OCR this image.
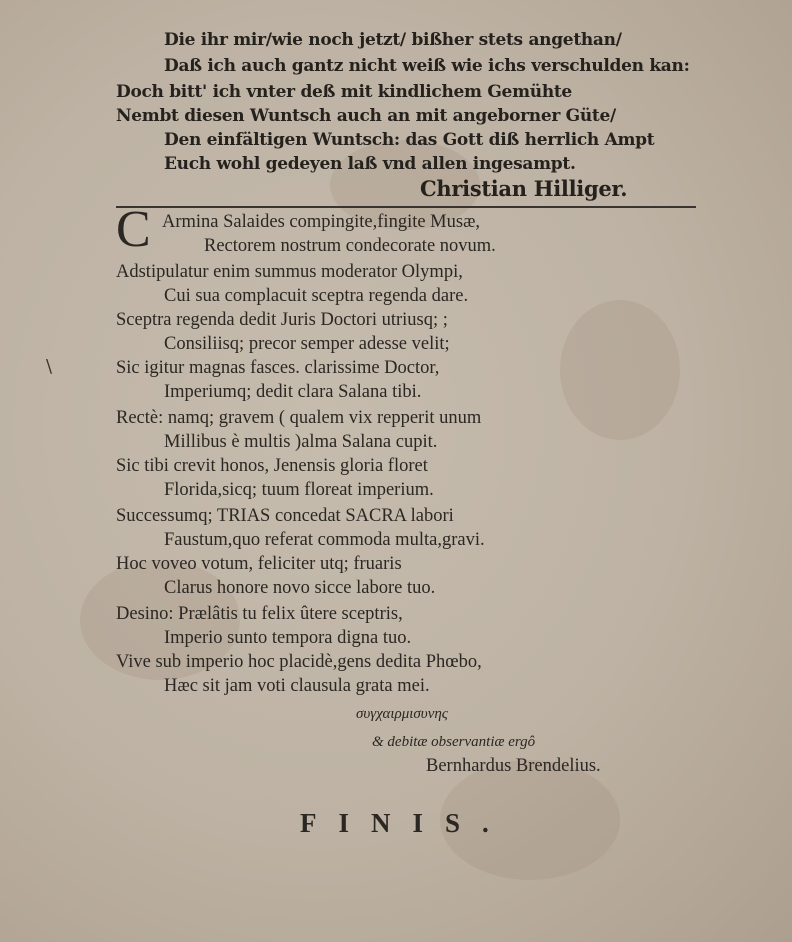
Die ihr mir/wie noch jetzt/ bißher stets angethan/
Daß ich auch gantz nicht weiß wie ichs verschulden kan:
Doch bitt' ich vnter deß mit kindlichem Gemühte
Nembt diesen Wuntsch auch an mit angeborner Güte/
Den einfältigen Wuntsch: das Gott diß herrlich Ampt
Euch wohl gedeyen laß vnd allen ingesampt.
Christian Hilliger.
C Armina Salaides compingite,fingite Musæ,
Rectorem nostrum condecorate novum.
Adstipulatur enim summus moderator Olympi,
Cui sua complacuit sceptra regenda dare.
Sceptra regenda dedit Juris Doctori utriusq; ;
Consiliisq; precor semper adesse velit;
Sic igitur magnas fasces. clarissime Doctor,
Imperiumq; dedit clara Salana tibi.
Rectè: namq; gravem ( qualem vix repperit unum
Millibus è multis )alma Salana cupit.
Sic tibi crevit honos, Jenensis gloria floret
Florida,sicq; tuum floreat imperium.
Successumq; TRIAS concedat SACRA labori
Faustum,quo referat commoda multa,gravi.
Hoc voveo votum, feliciter utq; fruaris
Clarus honore novo sicce labore tuo.
Desino: Prælâtis tu felix ûtere sceptris,
Imperio sunto tempora digna tuo.
Vive sub imperio hoc placidè,gens dedita Phœbo,
Hæc sit jam voti clausula grata mei.
συγχαιρμισυνης
& debitæ observantiæ ergô
Bernhardus Brendelius.
\
FINIS.
